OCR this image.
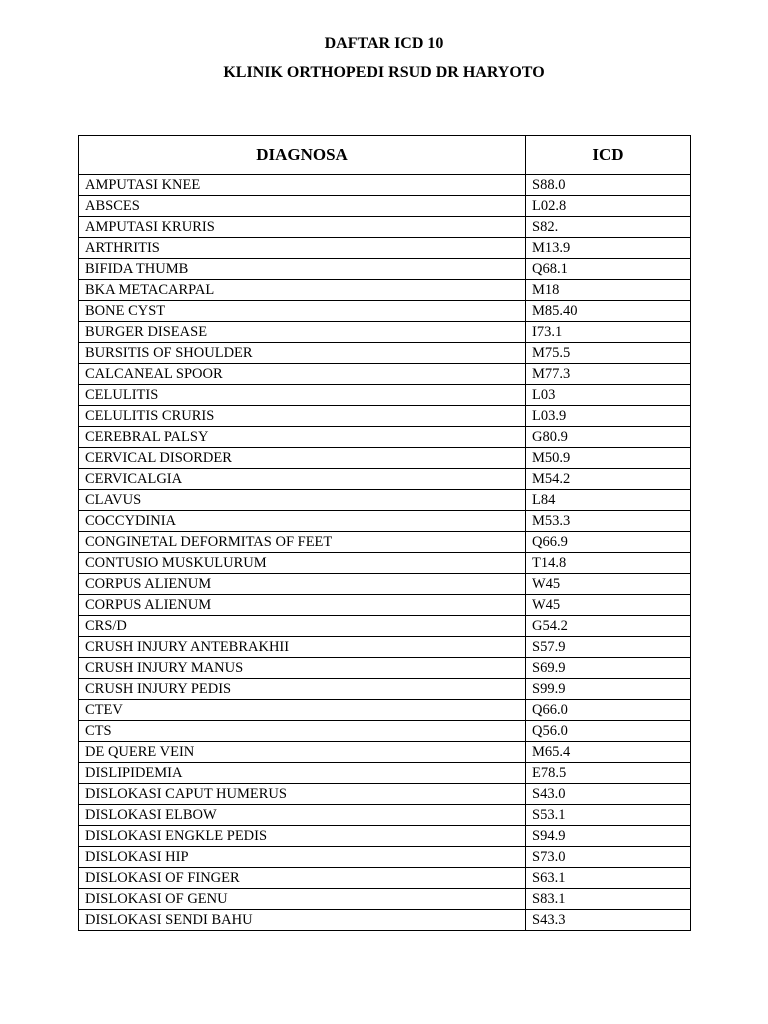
DAFTAR ICD 10
KLINIK ORTHOPEDI RSUD DR HARYOTO
DIAGNOSA	ICD
AMPUTASI KNEE	S88.0
ABSCES	L02.8
AMPUTASI KRURIS	S82.
ARTHRITIS	M13.9
BIFIDA THUMB	Q68.1
BKA METACARPAL	M18
BONE CYST	M85.40
BURGER DISEASE	I73.1
BURSITIS OF SHOULDER	M75.5
CALCANEAL SPOOR	M77.3
CELULITIS	L03
CELULITIS CRURIS	L03.9
CEREBRAL PALSY	G80.9
CERVICAL DISORDER	M50.9
CERVICALGIA	M54.2
CLAVUS	L84
COCCYDINIA	M53.3
CONGINETAL DEFORMITAS OF FEET	Q66.9
CONTUSIO MUSKULURUM	T14.8
CORPUS ALIENUM	W45
CORPUS ALIENUM	W45
CRS/D	G54.2
CRUSH INJURY ANTEBRAKHII	S57.9
CRUSH INJURY MANUS	S69.9
CRUSH INJURY PEDIS	S99.9
CTEV	Q66.0
CTS	Q56.0
DE QUERE VEIN	M65.4
DISLIPIDEMIA	E78.5
DISLOKASI CAPUT HUMERUS	S43.0
DISLOKASI ELBOW	S53.1
DISLOKASI ENGKLE PEDIS	S94.9
DISLOKASI HIP	S73.0
DISLOKASI OF FINGER	S63.1
DISLOKASI OF GENU	S83.1
DISLOKASI SENDI BAHU	S43.3
